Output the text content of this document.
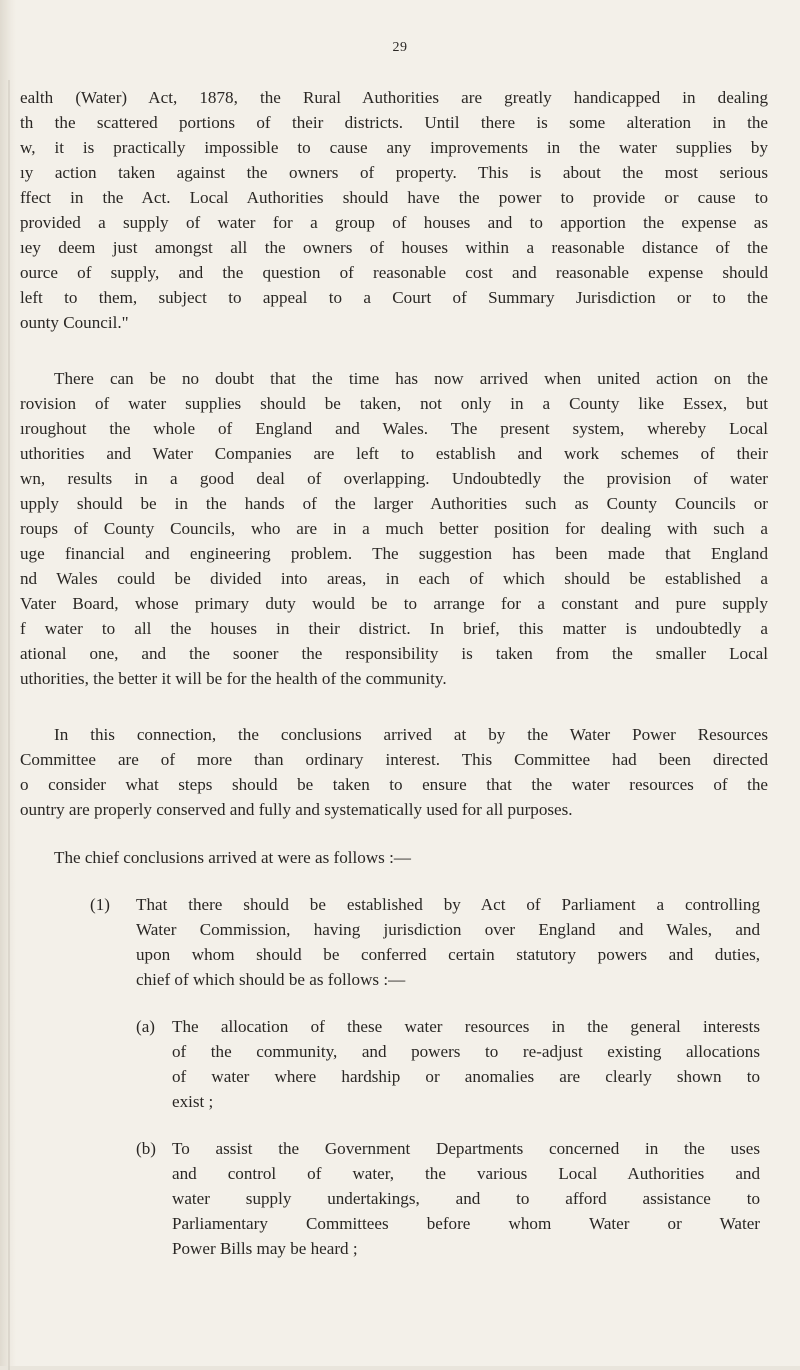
29
ealth (Water) Act, 1878, the Rural Authorities are greatly handicapped in dealing
th the scattered portions of their districts. Until there is some alteration in the
w, it is practically impossible to cause any improvements in the water supplies by
ıy action taken against the owners of property. This is about the most serious
ffect in the Act. Local Authorities should have the power to provide or cause to
provided a supply of water for a group of houses and to apportion the expense as
ıey deem just amongst all the owners of houses within a reasonable distance of the
ource of supply, and the question of reasonable cost and reasonable expense should
left to them, subject to appeal to a Court of Summary Jurisdiction or to the
ounty Council."
There can be no doubt that the time has now arrived when united action on the
rovision of water supplies should be taken, not only in a County like Essex, but
ıroughout the whole of England and Wales. The present system, whereby Local
uthorities and Water Companies are left to establish and work schemes of their
wn, results in a good deal of overlapping. Undoubtedly the provision of water
upply should be in the hands of the larger Authorities such as County Councils or
roups of County Councils, who are in a much better position for dealing with such a
uge financial and engineering problem. The suggestion has been made that England
nd Wales could be divided into areas, in each of which should be established a
Vater Board, whose primary duty would be to arrange for a constant and pure supply
f water to all the houses in their district. In brief, this matter is undoubtedly a
ational one, and the sooner the responsibility is taken from the smaller Local
uthorities, the better it will be for the health of the community.
In this connection, the conclusions arrived at by the Water Power Resources
Committee are of more than ordinary interest. This Committee had been directed
o consider what steps should be taken to ensure that the water resources of the
ountry are properly conserved and fully and systematically used for all purposes.
The chief conclusions arrived at were as follows :—
(1) That there should be established by Act of Parliament a controlling
Water Commission, having jurisdiction over England and Wales, and
upon whom should be conferred certain statutory powers and duties,
chief of which should be as follows :—
(a) The allocation of these water resources in the general interests
of the community, and powers to re-adjust existing allocations
of water where hardship or anomalies are clearly shown to
exist ;
(b) To assist the Government Departments concerned in the uses
and control of water, the various Local Authorities and
water supply undertakings, and to afford assistance to
Parliamentary Committees before whom Water or Water
Power Bills may be heard ;
